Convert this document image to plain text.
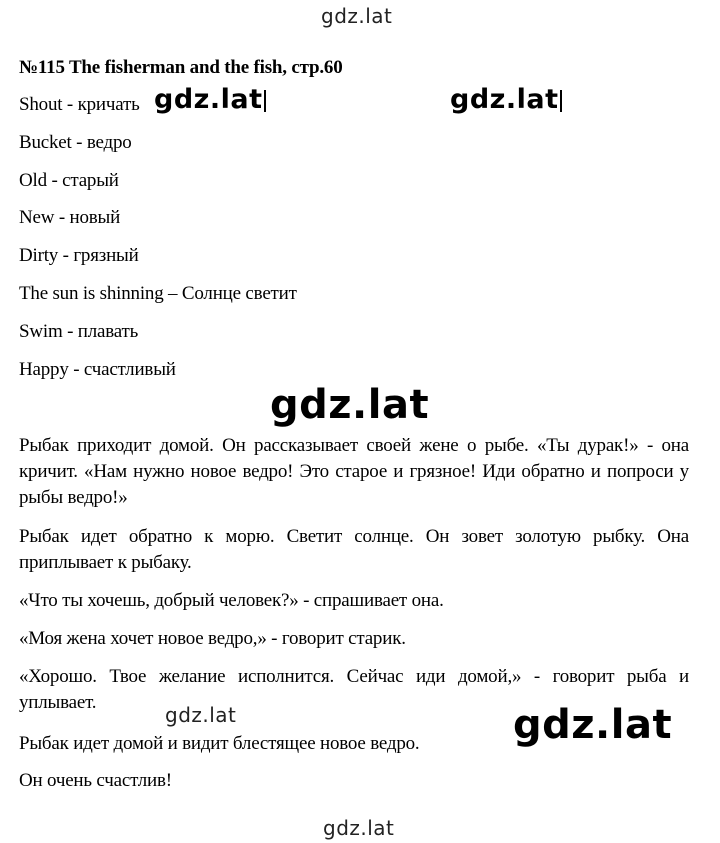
gdz.lat
№115 The fisherman and the fish, стр.60
Shout - кричать
Bucket - ведро
Old - старый
New - новый
Dirty - грязный
The sun is shinning – Солнце светит
Swim - плавать
Happy - счастливый
gdz.lat	gdz.lat
gdz.lat
Рыбак приходит домой. Он рассказывает своей жене о рыбе. «Ты дурак!» - она кричит. «Нам нужно новое ведро! Это старое и грязное! Иди обратно и попроси у рыбы ведро!»
Рыбак идет обратно к морю. Светит солнце. Он зовет золотую рыбку. Она приплывает к рыбаку.
«Что ты хочешь, добрый человек?» - спрашивает она.
«Моя жена хочет новое ведро,» - говорит старик.
«Хорошо. Твое желание исполнится. Сейчас иди домой,» - говорит рыба и уплывает.
Рыбак идет домой и видит блестящее новое ведро.
Он очень счастлив!
gdz.lat	gdz.lat
gdz.lat
